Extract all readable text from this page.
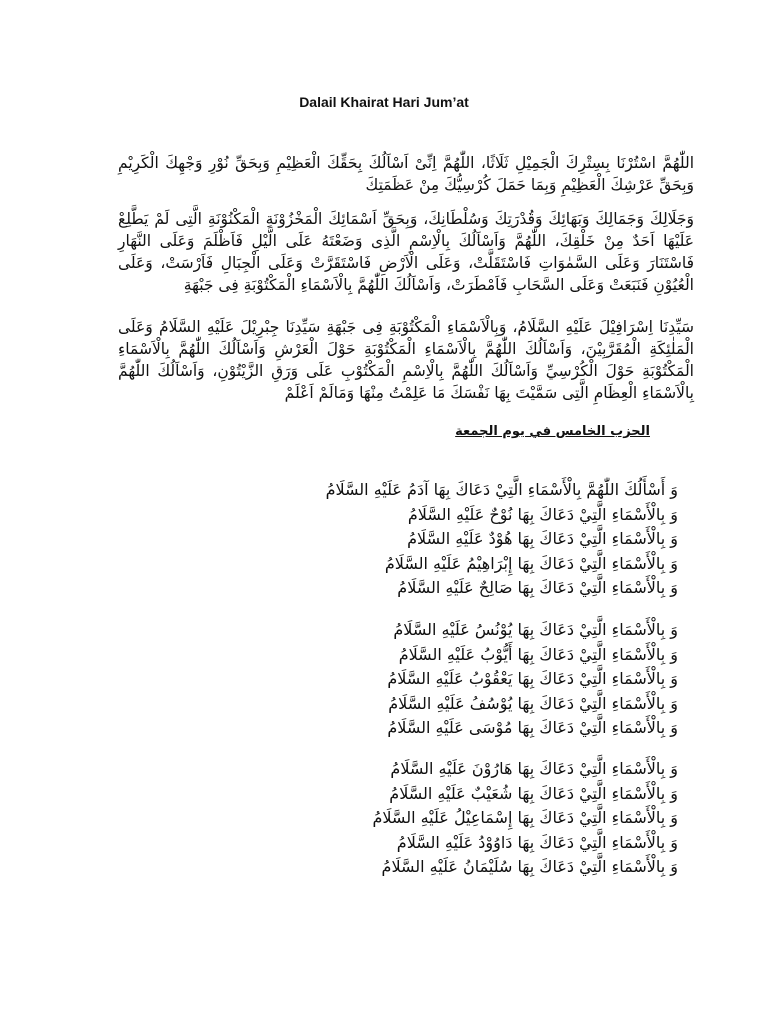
Dalail Khairat Hari Jum’at
اللّٰهُمَّ اسْتُرْنَا بِسِتْرِكَ الْجَمِيْلِ ثَلَاثًا، اللّٰهُمَّ اِنِّىْ اَسْاَلُكَ بِحَقِّكَ الْعَظِيْمِ وَبِحَقِّ نُوْرِ وَجْهِكَ الْكَرِيْمِ وَبِحَقِّ عَرْشِكَ الْعَظِيْمِ وَبِمَا حَمَلَ كُرْسِيُّكَ مِنْ عَظَمَتِكَ
وَجَلَالِكَ وَجَمَالِكَ وَبَهَائِكَ وَقُدْرَتِكَ وَسُلْطَانِكَ، وَبِحَقِّ اَسْمَائِكَ الْمَخْزُوْنَةِ الْمَكْنُوْنَةِ الَّتِى لَمْ يَطَّلِعْ عَلَيْهَا اَحَدٌ مِنْ خَلْقِكَ، اللّٰهُمَّ وَاَسْاَلُكَ بِالْاِسْمِ الَّذِى وَضَعْتَهُ عَلَى الَّيْلِ فَاَظْلَمَ وَعَلَى النَّهَارِ فَاسْتَنَارَ وَعَلَى السَّمٰوَاتِ فَاسْتَقَلَّتْ، وَعَلَى الْاَرْضِ فَاسْتَقَرَّتْ وَعَلَى الْجِبَالِ فَاَرْسَتْ، وَعَلَى الْعُيُوْنِ فَنَبَعَتْ وَعَلَى السَّحَابِ فَاَمْطَرَتْ، وَاَسْاَلُكَ اللّٰهُمَّ بِالْاَسْمَاءِ الْمَكْتُوْبَةِ فِى جَبْهَةِ
سَيِّدِنَا اِسْرَافِيْلَ عَلَيْهِ السَّلَامُ، وَبِالْاَسْمَاءِ الْمَكْتُوْبَةِ فِى جَبْهَةِ سَيِّدِنَا جِبْرِيْلَ عَلَيْهِ السَّلَامُ وَعَلَى الْمَلٰئِكَةِ الْمُقَرَّبِيْنَ، وَاَسْاَلُكَ اللّٰهُمَّ بِالْاَسْمَاءِ الْمَكْتُوْبَةِ حَوْلَ الْعَرْشِ وَاَسْاَلُكَ اللّٰهُمَّ بِالْاَسْمَاءِ الْمَكْتُوْبَةِ حَوْلَ الْكُرْسِيِّ وَاَسْاَلُكَ اللّٰهُمَّ بِالْاِسْمِ الْمَكْتُوْبِ عَلَى وَرَقِ الزَّيْتُوْنِ، وَاَسْاَلُكَ اللّٰهُمَّ بِالْاَسْمَاءِ الْعِظَامِ الَّتِى سَمَّيْتَ بِهَا نَفْسَكَ مَا عَلِمْتُ مِنْهَا وَمَالَمْ اَعْلَمْ
الحزب الخامس في يوم الجمعة
وَ أَسْأَلُكَ اللّٰهُمَّ بِالْأَسْمَاءِ الَّتِيْ دَعَاكَ بِهَا آدَمُ عَلَيْهِ السَّلَامُ
وَ بِالْأَسْمَاءِ الَّتِيْ دَعَاكَ بِهَا نُوْحٌ عَلَيْهِ السَّلَامُ
وَ بِالْأَسْمَاءِ الَّتِيْ دَعَاكَ بِهَا هُوْدٌ عَلَيْهِ السَّلَامُ
وَ بِالْأَسْمَاءِ الَّتِيْ دَعَاكَ بِهَا إِبْرَاهِيْمُ عَلَيْهِ السَّلَامُ
وَ بِالْأَسْمَاءِ الَّتِيْ دَعَاكَ بِهَا صَالِحٌ عَلَيْهِ السَّلَامُ
وَ بِالْأَسْمَاءِ الَّتِيْ دَعَاكَ بِهَا يُوْنُسُ عَلَيْهِ السَّلَامُ
وَ بِالْأَسْمَاءِ الَّتِيْ دَعَاكَ بِهَا أَيُّوْبُ عَلَيْهِ السَّلَامُ
وَ بِالْأَسْمَاءِ الَّتِيْ دَعَاكَ بِهَا يَعْقُوْبُ عَلَيْهِ السَّلَامُ
وَ بِالْأَسْمَاءِ الَّتِيْ دَعَاكَ بِهَا يُوْسُفُ عَلَيْهِ السَّلَامُ
وَ بِالْأَسْمَاءِ الَّتِيْ دَعَاكَ بِهَا مُوْسَى عَلَيْهِ السَّلَامُ
وَ بِالْأَسْمَاءِ الَّتِيْ دَعَاكَ بِهَا هَارُوْنَ عَلَيْهِ السَّلَامُ
وَ بِالْأَسْمَاءِ الَّتِيْ دَعَاكَ بِهَا شُعَيْبٌ عَلَيْهِ السَّلَامُ
وَ بِالْأَسْمَاءِ الَّتِيْ دَعَاكَ بِهَا إِسْمَاعِيْلُ عَلَيْهِ السَّلَامُ
وَ بِالْأَسْمَاءِ الَّتِيْ دَعَاكَ بِهَا دَاوُوْدُ عَلَيْهِ السَّلَامُ
وَ بِالْأَسْمَاءِ الَّتِيْ دَعَاكَ بِهَا سُلَيْمَانُ عَلَيْهِ السَّلَامُ
